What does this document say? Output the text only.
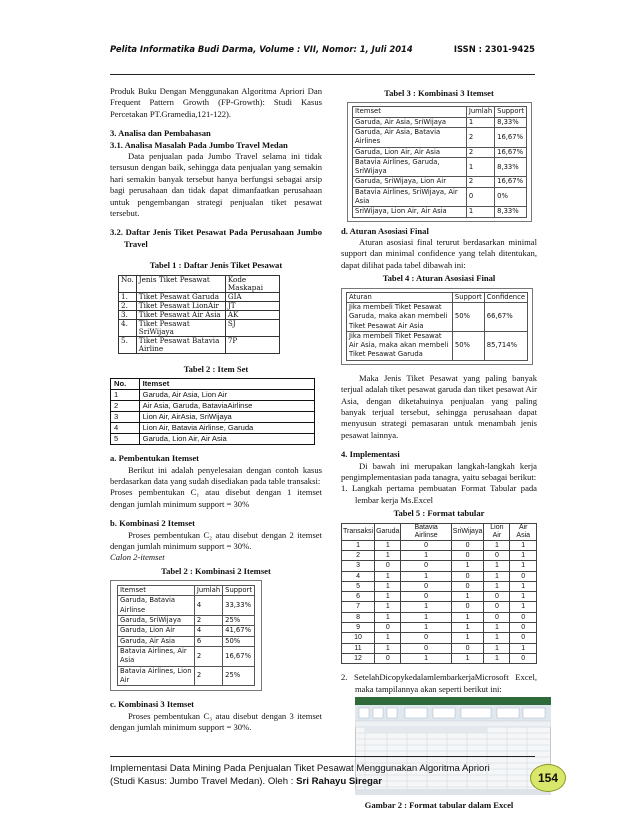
Pelita Informatika Budi Darma, Volume : VII, Nomor: 1, Juli 2014	ISSN : 2301-9425

Produk Buku Dengan Menggunakan Algoritma Apriori Dan Frequent Pattern Growth (FP-Growth): Studi Kasus Percetakan PT.Gramedia,121-122).

3. Analisa dan Pembahasan

3.1. Analisa Masalah Pada Jumbo Travel Medan

Data penjualan pada Jumbo Travel selama ini tidak tersusun dengan baik, sehingga data penjualan yang semakin hari semakin banyak tersebut hanya berfungsi sebagai arsip bagi perusahaan dan tidak dapat dimanfaatkan perusahaan untuk pengembangan strategi penjualan tiket pesawat tersebut.

3.2. Daftar Jenis Tiket Pesawat Pada Perusahaan Jumbo Travel

Tabel 1 : Daftar Jenis Tiket Pesawat

No.	Jenis Tiket Pesawat	Kode Maskapai
1.	Tiket Pesawat Garuda	GIA
2.	Tiket Pesawat LionAir	JT
3.	Tiket Pesawat Air Asia	AK
4.	Tiket Pesawat SriWijaya	SJ
5.	Tiket Pesawat Batavia Airline	7P

Tabel 2 : Item Set

No.	Itemset
1	Garuda, Air Asia, Lion Air
2	Air Asia, Garuda, BataviaAirlinse
3	Lion Air, AirAsia, SriWijaya
4	Lion Air, Batavia Airlinse, Garuda
5	Garuda, Lion Air, Air Asia

a. Pembentukan Itemset

Berikut ini adalah penyelesaian dengan contoh kasus berdasarkan data yang sudah disediakan pada table transaksi:

Proses pembentukan C₁ atau disebut dengan 1 itemset dengan jumlah minimum support = 30%

b. Kombinasi 2 Itemset

Proses pembentukan C₂ atau disebut dengan 2 itemset dengan jumlah minimum support = 30%.

Calon 2-itemset

Tabel 2 : Kombinasi 2 Itemset

Itemset	Jumlah	Support
Garuda, Batavia Airlinse	4	33,33%
Garuda, SriWijaya	2	25%
Garuda, Lion Air	4	41,67%
Garuda, Air Asia	6	50%
Batavia Airlines, Air Asia	2	16,67%
Batavia Airlines, Lion Air	2	25%

c. Kombinasi 3 Itemset

Proses pembentukan C₃ atau disebut dengan 3 itemset dengan jumlah minimum support = 30%.

Tabel 3 : Kombinasi 3 Itemset

Itemset	Jumlah	Support
Garuda, Air Asia, SriWijaya	1	8,33%
Garuda, Air Asia, Batavia Airlines	2	16,67%
Garuda, Lion Air, Air Asia	2	16,67%
Batavia Airlines, Garuda, SriWijaya	1	8,33%
Garuda, SriWijaya, Lion Air	2	16,67%
Batavia Airlines, SriWijaya, Air Asia	0	0%
SriWijaya, Lion Air, Air Asia	1	8,33%

d. Aturan Asosiasi Final

Aturan asosiasi final terurut berdasarkan minimal support dan minimal confidence yang telah ditentukan, dapat dilihat pada tabel dibawah ini:

Tabel 4 : Aturan Asosiasi Final

Aturan	Support	Confidence
Jika membeli Tiket Pesawat Garuda, maka akan membeli Tiket Pesawat Air Asia	50%	66,67%
Jika membeli Tiket Pesawat Air Asia, maka akan membeli Tiket Pesawat Garuda	50%	85,714%

Maka Jenis Tiket Pesawat yang paling banyak terjual adalah tiket pesawat garuda dan tiket pesawat Air Asia, dengan diketahuinya penjualan yang paling banyak terjual tersebut, sehingga perusahaan dapat menyusun strategi pemasaran untuk menambah jenis pesawat lainnya.

4. Implementasi

Di bawah ini merupakan langkah-langkah kerja pengimplementasian pada tanagra, yaitu sebagai berikut:

1. Langkah pertama pembuatan Format Tabular pada lembar kerja Ms.Excel

Tabel 5 : Format tabular

Transaksi	Garuda	Batavia Airlinse	SriWijaya	Lion Air	Air Asia
1	1	0	0	1	1
2	1	1	0	0	1
3	0	0	1	1	1
4	1	1	0	1	0
5	1	0	0	1	1
6	1	0	1	0	1
7	1	1	0	0	1
8	1	1	1	0	0
9	0	1	1	1	0
10	1	0	1	1	0
11	1	0	0	1	1
12	0	1	1	1	0

2. SetelahDicopykedalamlembarkerjaMicrosoft Excel, maka tampilannya akan seperti berikut ini:

Gambar 2 : Format tabular dalam Excel

Implementasi Data Mining Pada Penjualan Tiket Pesawat Menggunakan Algoritma Apriori
(Studi Kasus: Jumbo Travel Medan). Oleh : Sri Rahayu Siregar	154
